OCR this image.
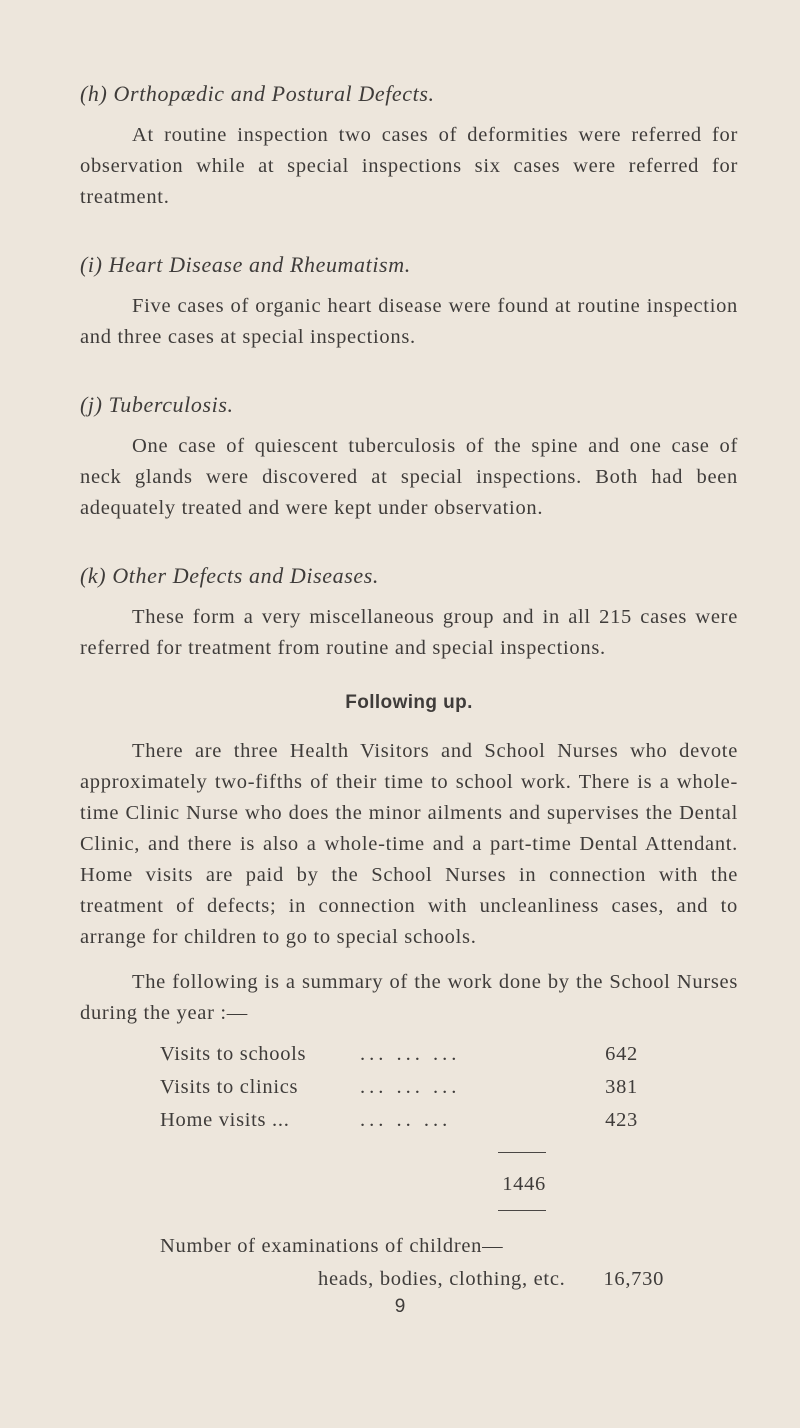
(h) Orthopædic and Postural Defects.

At routine inspection two cases of deformities were referred for observation while at special inspections six cases were referred for treatment.

(i) Heart Disease and Rheumatism.

Five cases of organic heart disease were found at routine inspection and three cases at special inspections.

(j) Tuberculosis.

One case of quiescent tuberculosis of the spine and one case of neck glands were discovered at special inspections. Both had been adequately treated and were kept under observation.

(k) Other Defects and Diseases.

These form a very miscellaneous group and in all 215 cases were referred for treatment from routine and special inspections.

Following up.

There are three Health Visitors and School Nurses who devote approximately two-fifths of their time to school work. There is a whole-time Clinic Nurse who does the minor ailments and supervises the Dental Clinic, and there is also a whole-time and a part-time Dental Attendant. Home visits are paid by the School Nurses in connection with the treatment of defects; in connection with uncleanliness cases, and to arrange for children to go to special schools.

The following is a summary of the work done by the School Nurses during the year :—

Visits to schools	... ... ...	642
Visits to clinics	... ... ...	381
Home visits ...	... .. ...	423
1446
Number of examinations of children—
heads, bodies, clothing, etc. 16,730
9
